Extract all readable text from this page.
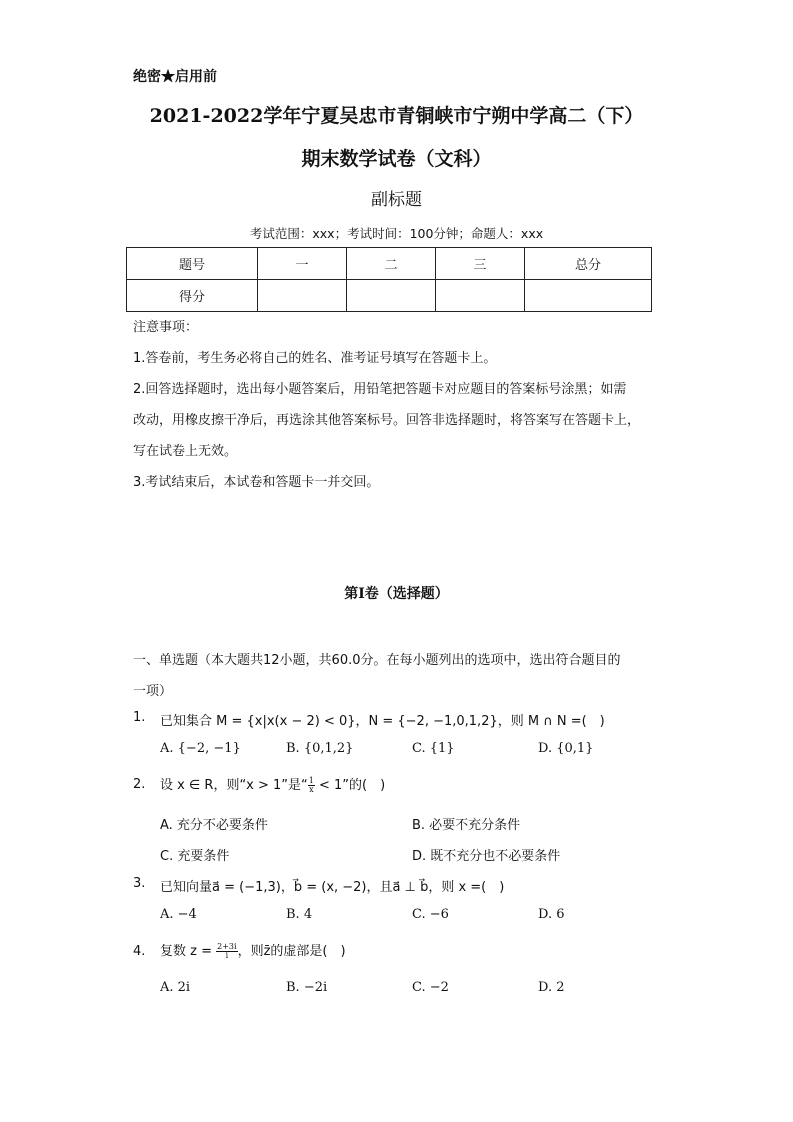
绝密★启用前
2021-2022学年宁夏吴忠市青铜峡市宁朔中学高二（下）
期末数学试卷（文科）
副标题
考试范围：xxx；考试时间：100分钟；命题人：xxx
题号	一	二	三	总分
得分				
注意事项：
1.答卷前，考生务必将自己的姓名、准考证号填写在答题卡上。
2.回答选择题时，选出每小题答案后，用铅笔把答题卡对应题目的答案标号涂黑；如需
改动，用橡皮擦干净后，再选涂其他答案标号。回答非选择题时，将答案写在答题卡上，
写在试卷上无效。
3.考试结束后，本试卷和答题卡一并交回。
第Ⅰ卷（选择题）
一、单选题（本大题共12小题，共60.0分。在每小题列出的选项中，选出符合题目的
一项）
1. 已知集合 M = {x|x(x − 2) < 0}，N = {−2, −1,0,1,2}，则 M ∩ N =(　)
A. {−2, −1}	B. {0,1,2}	C. {1}	D. {0,1}
2. 设 x ∈ R，则“x > 1”是“ $\frac{1}{x} < 1$”的(　)
A. 充分不必要条件	B. 必要不充分条件
C. 充要条件	D. 既不充分也不必要条件
3. 已知向量a⃗ = (−1,3)，b⃗ = (x, −2)，且a⃗ ⊥ b⃗，则 x =(　)
A. −4	B. 4	C. −6	D. 6
4. 复数 $z = \frac{2+3i}{i}$ ，则z̄的虚部是(　)
A. 2i	B. −2i	C. −2	D. 2
